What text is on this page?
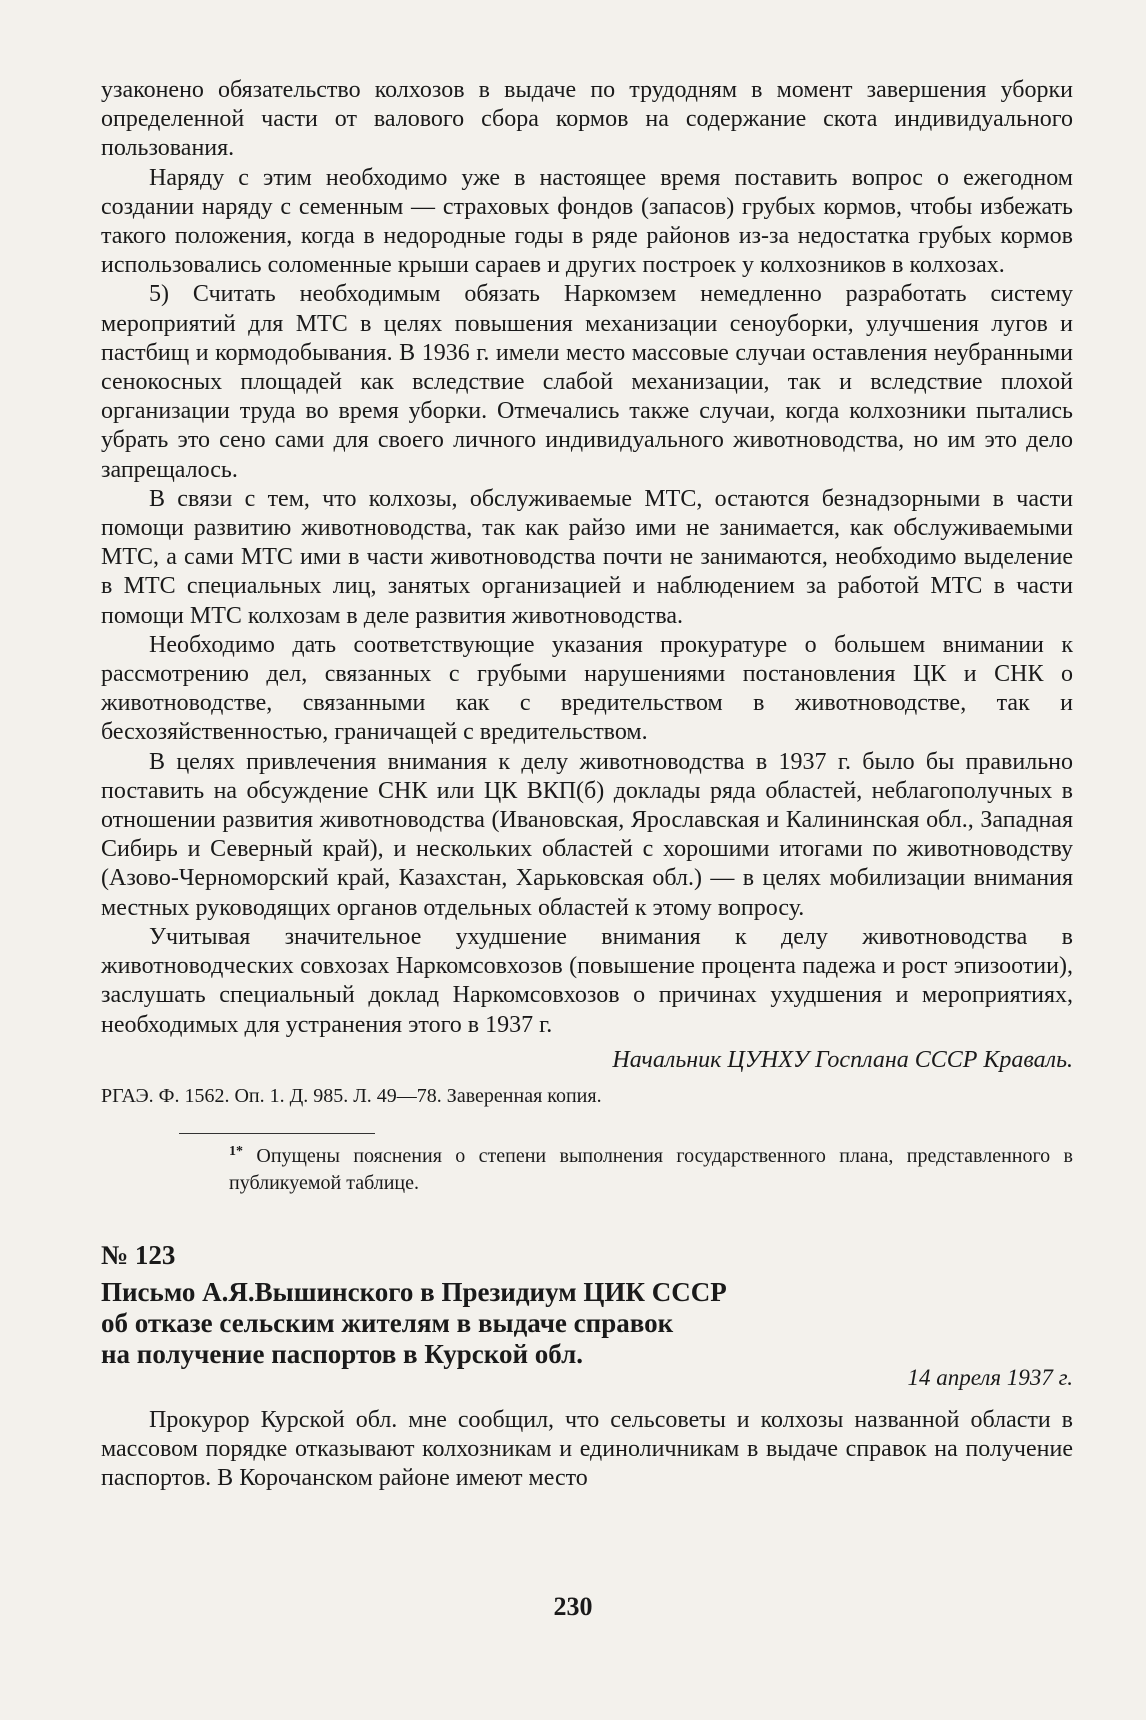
узаконено обязательство колхозов в выдаче по трудодням в момент завершения уборки определенной части от валового сбора кормов на содержание скота индивидуального пользования.

Наряду с этим необходимо уже в настоящее время поставить вопрос о ежегодном создании наряду с семенным — страховых фондов (запасов) грубых кормов, чтобы избежать такого положения, когда в недородные годы в ряде районов из-за недостатка грубых кормов использовались соломенные крыши сараев и других построек у колхозников в колхозах.

5) Считать необходимым обязать Наркомзем немедленно разработать систему мероприятий для МТС в целях повышения механизации сеноуборки, улучшения лугов и пастбищ и кормодобывания. В 1936 г. имели место массовые случаи оставления неубранными сенокосных площадей как вследствие слабой механизации, так и вследствие плохой организации труда во время уборки. Отмечались также случаи, когда колхозники пытались убрать это сено сами для своего личного индивидуального животноводства, но им это дело запрещалось.

В связи с тем, что колхозы, обслуживаемые МТС, остаются безнадзорными в части помощи развитию животноводства, так как райзо ими не занимается, как обслуживаемыми МТС, а сами МТС ими в части животноводства почти не занимаются, необходимо выделение в МТС специальных лиц, занятых организацией и наблюдением за работой МТС в части помощи МТС колхозам в деле развития животноводства.

Необходимо дать соответствующие указания прокуратуре о большем внимании к рассмотрению дел, связанных с грубыми нарушениями постановления ЦК и СНК о животноводстве, связанными как с вредительством в животноводстве, так и бесхозяйственностью, граничащей с вредительством.

В целях привлечения внимания к делу животноводства в 1937 г. было бы правильно поставить на обсуждение СНК или ЦК ВКП(б) доклады ряда областей, неблагополучных в отношении развития животноводства (Ивановская, Ярославская и Калининская обл., Западная Сибирь и Северный край), и нескольких областей с хорошими итогами по животноводству (Азово-Черноморский край, Казахстан, Харьковская обл.) — в целях мобилизации внимания местных руководящих органов отдельных областей к этому вопросу.

Учитывая значительное ухудшение внимания к делу животноводства в животноводческих совхозах Наркомсовхозов (повышение процента падежа и рост эпизоотии), заслушать специальный доклад Наркомсовхозов о причинах ухудшения и мероприятиях, необходимых для устранения этого в 1937 г.

Начальник ЦУНХУ Госплана СССР Краваль.

РГАЭ. Ф. 1562. Оп. 1. Д. 985. Л. 49—78. Заверенная копия.

$^{1*}$ Опущены пояснения о степени выполнения государственного плана, представленного в публикуемой таблице.

№ 123
Письмо А.Я.Вышинского в Президиум ЦИК СССР
об отказе сельским жителям в выдаче справок
на получение паспортов в Курской обл.
14 апреля 1937 г.

Прокурор Курской обл. мне сообщил, что сельсоветы и колхозы названной области в массовом порядке отказывают колхозникам и единоличникам в выдаче справок на получение паспортов. В Корочанском районе имеют место

230
